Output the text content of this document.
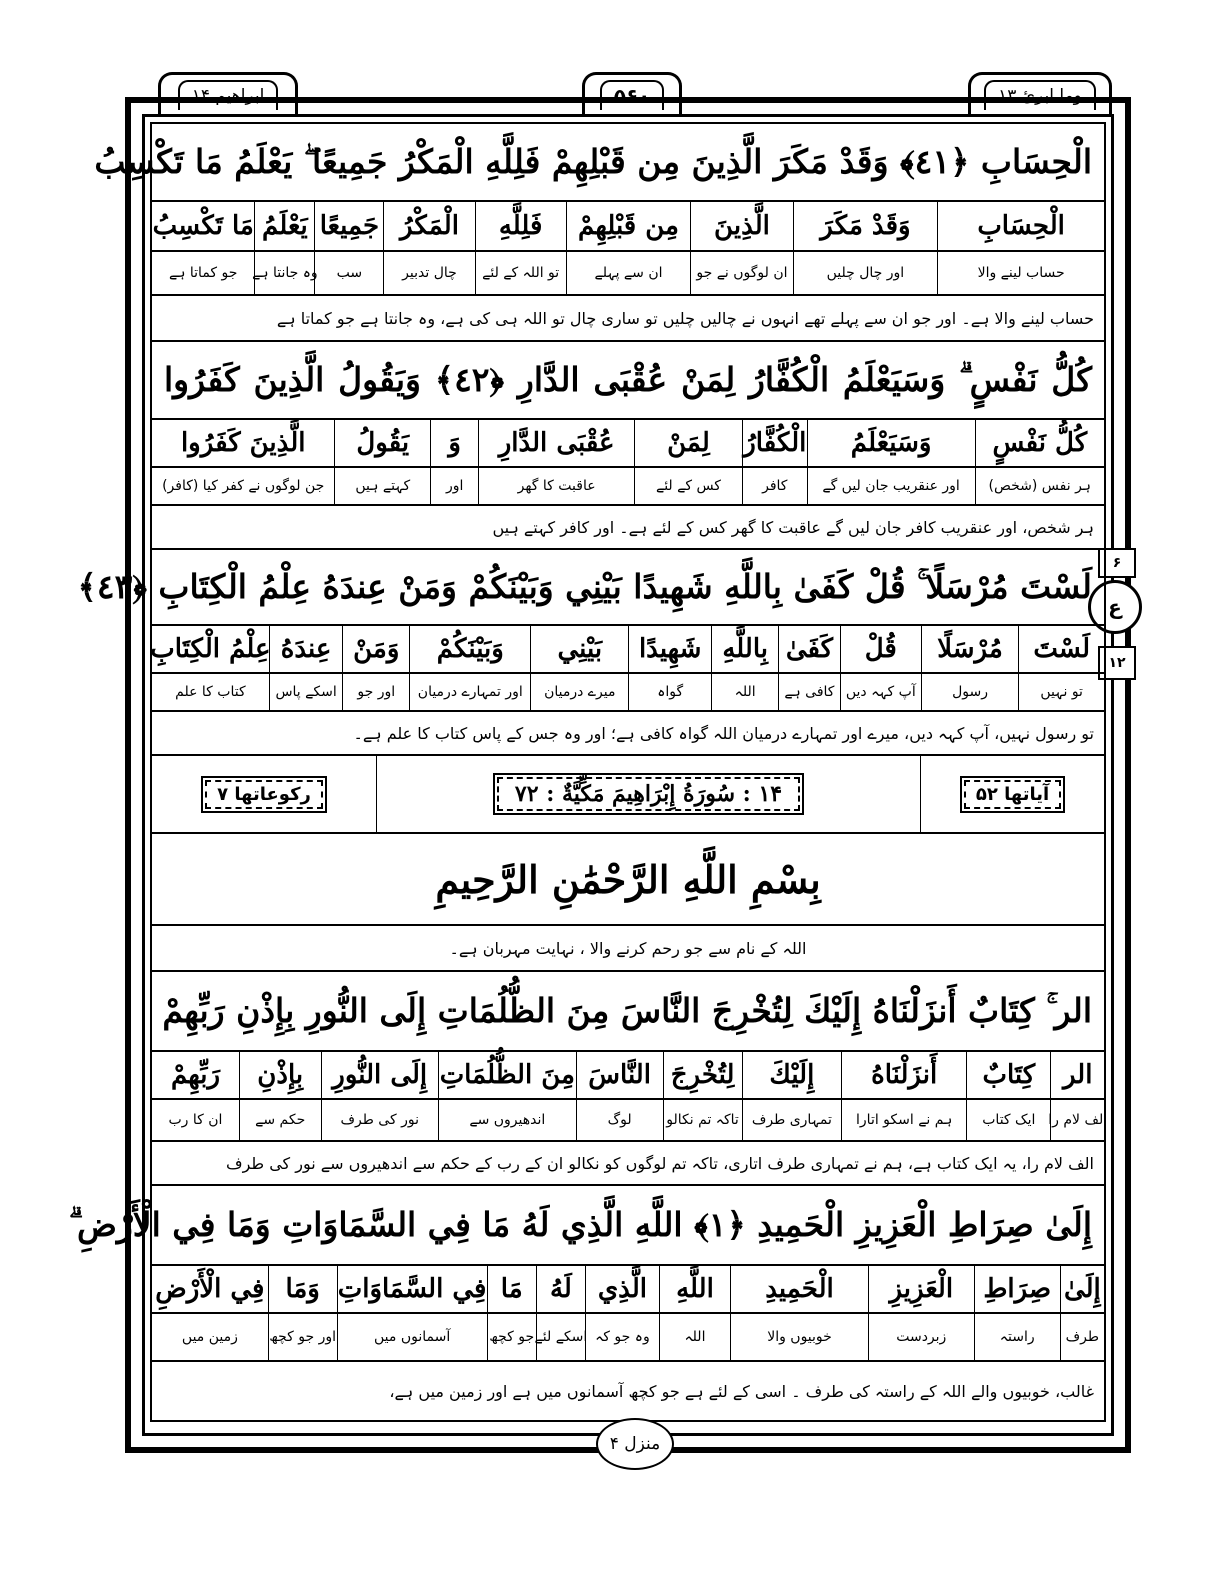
ابراهیم ۱۴	۵۶۰	وما ابرئ ۱۳
۶
ع
۱۲
الْحِسَابِ ﴿٤١﴾ وَقَدْ مَكَرَ الَّذِينَ مِن قَبْلِهِمْ فَلِلَّهِ الْمَكْرُ جَمِيعًا ۖ يَعْلَمُ مَا تَكْسِبُ
الْحِسَابِ
وَقَدْ مَكَرَ
الَّذِينَ
مِن قَبْلِهِمْ
فَلِلَّهِ
الْمَكْرُ
جَمِيعًا
يَعْلَمُ
مَا تَكْسِبُ
حساب لینے والا
اور چال چلیں
ان لوگوں نے جو
ان سے پہلے
تو اللہ کے لئے
چال تدبیر
سب
وہ جانتا ہے
جو کماتا ہے
حساب لینے والا ہے۔ اور جو ان سے پہلے تھے انہوں نے چالیں چلیں تو ساری چال تو اللہ ہی کی ہے، وہ جانتا ہے جو کماتا ہے
كُلُّ نَفْسٍ ۗ وَسَيَعْلَمُ الْكُفَّارُ لِمَنْ عُقْبَى الدَّارِ ﴿٤٢﴾ وَيَقُولُ الَّذِينَ كَفَرُوا
كُلُّ نَفْسٍ
وَسَيَعْلَمُ
الْكُفَّارُ
لِمَنْ
عُقْبَى الدَّارِ
وَ
يَقُولُ
الَّذِينَ كَفَرُوا
ہر نفس (شخص)
اور عنقریب جان لیں گے
کافر
کس کے لئے
عاقبت کا گھر
اور
کہتے ہیں
جن لوگوں نے کفر کیا (کافر)
ہر شخص، اور عنقریب کافر جان لیں گے عاقبت کا گھر کس کے لئے ہے۔ اور کافر کہتے ہیں
لَسْتَ مُرْسَلًا ۚ قُلْ كَفَىٰ بِاللَّهِ شَهِيدًا بَيْنِي وَبَيْنَكُمْ وَمَنْ عِندَهُ عِلْمُ الْكِتَابِ ﴿٤٣﴾
لَسْتَ
مُرْسَلًا
قُلْ
كَفَىٰ
بِاللَّهِ
شَهِيدًا
بَيْنِي
وَبَيْنَكُمْ
وَمَنْ
عِندَهُ
عِلْمُ الْكِتَابِ
تو نہیں
رسول
آپ کہہ دیں
کافی ہے
اللہ
گواہ
میرے درمیان
اور تمہارے درمیان
اور جو
اسکے پاس
کتاب کا علم
تو رسول نہیں، آپ کہہ دیں، میرے اور تمہارے درمیان اللہ گواہ کافی ہے؛ اور وہ جس کے پاس کتاب کا علم ہے۔
آیاتها ۵۲
۱۴ : سُورَةُ إِبْرَاهِيمَ مَكِّيَّةٌ : ۷۲
رکوعاتها ۷
بِسْمِ اللَّهِ الرَّحْمَٰنِ الرَّحِيمِ
اللہ کے نام سے جو رحم کرنے والا ، نہایت مہربان ہے۔
الر ۚ كِتَابٌ أَنزَلْنَاهُ إِلَيْكَ لِتُخْرِجَ النَّاسَ مِنَ الظُّلُمَاتِ إِلَى النُّورِ بِإِذْنِ رَبِّهِمْ
الر
كِتَابٌ
أَنزَلْنَاهُ
إِلَيْكَ
لِتُخْرِجَ
النَّاسَ
مِنَ الظُّلُمَاتِ
إِلَى النُّورِ
بِإِذْنِ
رَبِّهِمْ
الف لام را
ایک کتاب
ہم نے اسکو اتارا
تمہاری طرف
تاکہ تم نکالو
لوگ
اندھیروں سے
نور کی طرف
حکم سے
ان کا رب
الف لام را، یہ ایک کتاب ہے، ہم نے تمہاری طرف اتاری، تاکہ تم لوگوں کو نکالو ان کے رب کے حکم سے اندھیروں سے نور کی طرف
إِلَىٰ صِرَاطِ الْعَزِيزِ الْحَمِيدِ ﴿١﴾ اللَّهِ الَّذِي لَهُ مَا فِي السَّمَاوَاتِ وَمَا فِي الْأَرْضِ ۗ
إِلَىٰ
صِرَاطِ
الْعَزِيزِ
الْحَمِيدِ
اللَّهِ
الَّذِي
لَهُ
مَا
فِي السَّمَاوَاتِ
وَمَا
فِي الْأَرْضِ
طرف
راستہ
زبردست
خوبیوں والا
اللہ
وہ جو کہ
اسکے لئے
جو کچھ
آسمانوں میں
اور جو کچھ
زمین میں
غالب، خوبیوں والے اللہ کے راستہ کی طرف ۔ اسی کے لئے ہے جو کچھ آسمانوں میں ہے اور زمین میں ہے،
منزل ۴
